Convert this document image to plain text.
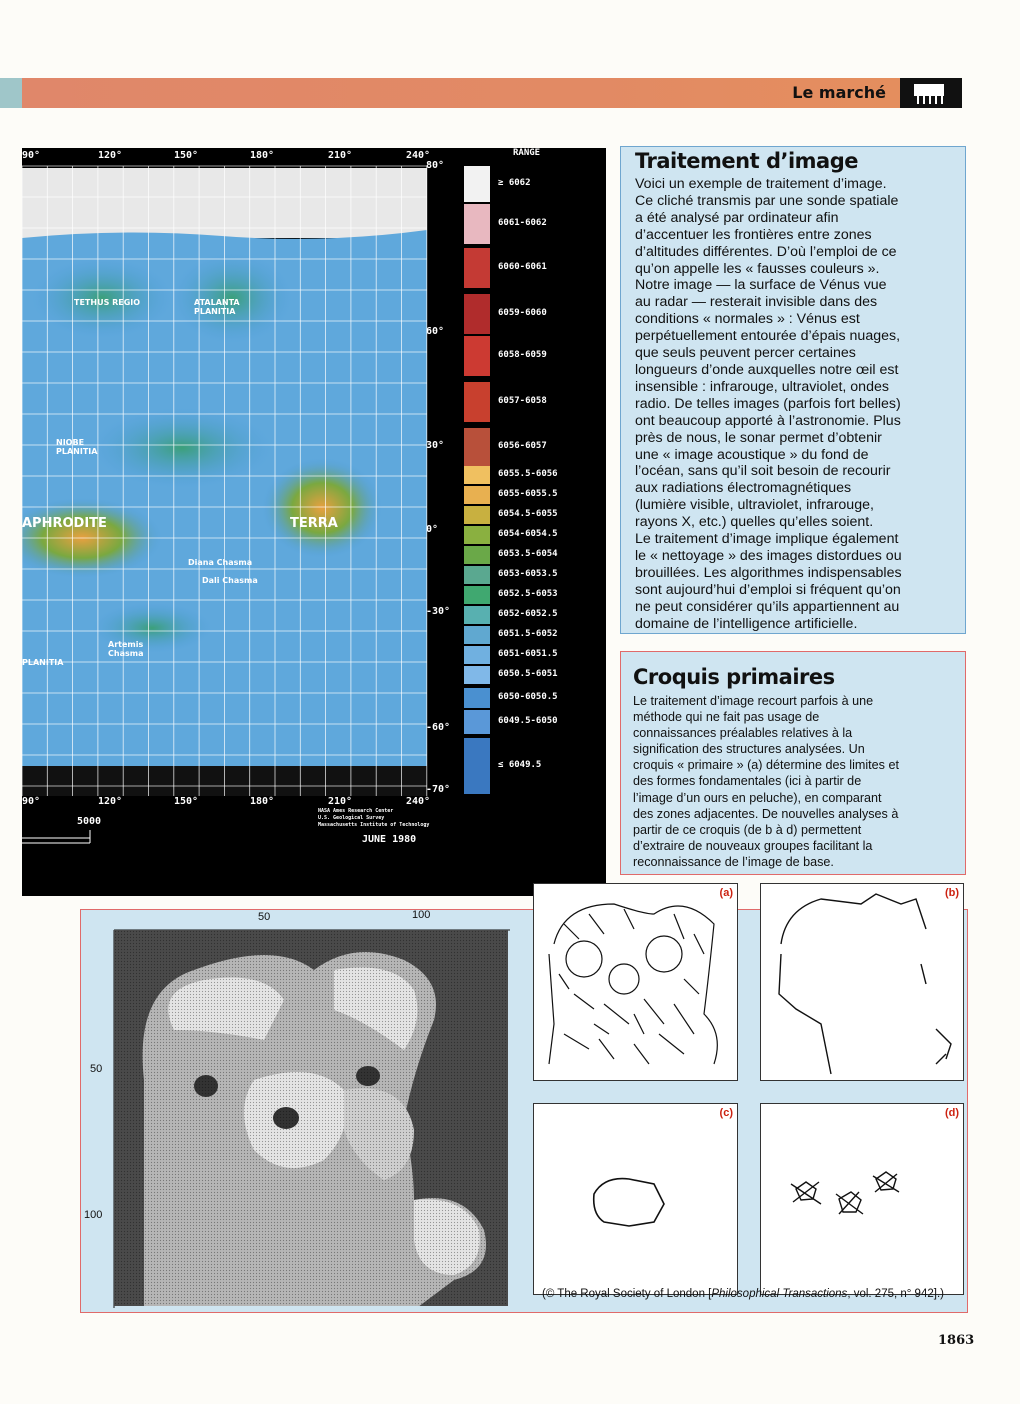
Le marché
RANGE
≥ 6062
6061-6062
6060-6061
6059-6060
6058-6059
6057-6058
6056-6057
6055.5-6056
6055-6055.5
6054.5-6055
6054-6054.5
6053.5-6054
6053-6053.5
6052.5-6053
6052-6052.5
6051.5-6052
6051-6051.5
6050.5-6051
6050-6050.5
6049.5-6050
≤ 6049.5
90°	120°	150°	180°	210°	240°
90°	120°	150°	180°	210°	240°
80°
60°
30°
0°
-30°
-60°
-70°
TETHUS REGIO	ATALANTA PLANITIA
NIOBE PLANITIA
APHRODITE	TERRA
Diana Chasma
Dali Chasma
Artemis Chasma
PLANITIA
5000
NASA Ames Research Center
U.S. Geological Survey
Massachusetts Institute of Technology
JUNE 1980
Traitement d’image
Voici un exemple de traitement d’image.
Ce cliché transmis par une sonde spatiale
a été analysé par ordinateur afin
d’accentuer les frontières entre zones
d’altitudes différentes. D’où l’emploi de ce
qu’on appelle les « fausses couleurs ».
Notre image — la surface de Vénus vue
au radar — resterait invisible dans des
conditions « normales » : Vénus est
perpétuellement entourée d’épais nuages,
que seuls peuvent percer certaines
longueurs d’onde auxquelles notre œil est
insensible : infrarouge, ultraviolet, ondes
radio. De telles images (parfois fort belles)
ont beaucoup apporté à l’astronomie. Plus
près de nous, le sonar permet d’obtenir
une « image acoustique » du fond de
l’océan, sans qu’il soit besoin de recourir
aux radiations électromagnétiques
(lumière visible, ultraviolet, infrarouge,
rayons X, etc.) quelles qu’elles soient.
Le traitement d’image implique également
le « nettoyage » des images distordues ou
brouillées. Les algorithmes indispensables
sont aujourd’hui d’emploi si fréquent qu’on
ne peut considérer qu’ils appartiennent au
domaine de l’intelligence artificielle.
Croquis primaires
Le traitement d’image recourt parfois à une
méthode qui ne fait pas usage de
connaissances préalables relatives à la
signification des structures analysées. Un
croquis « primaire » (a) détermine des limites et
des formes fondamentales (ici à partir de
l’image d’un ours en peluche), en comparant
des zones adjacentes. De nouvelles analyses à
partir de ce croquis (de b à d) permettent
d’extraire de nouveaux groupes facilitant la
reconnaissance de l’image de base.
50	100
50
100
(a)	(b)
(c)	(d)
(© The Royal Society of London [Philosophical Transactions, vol. 275, n° 942].)
1863
